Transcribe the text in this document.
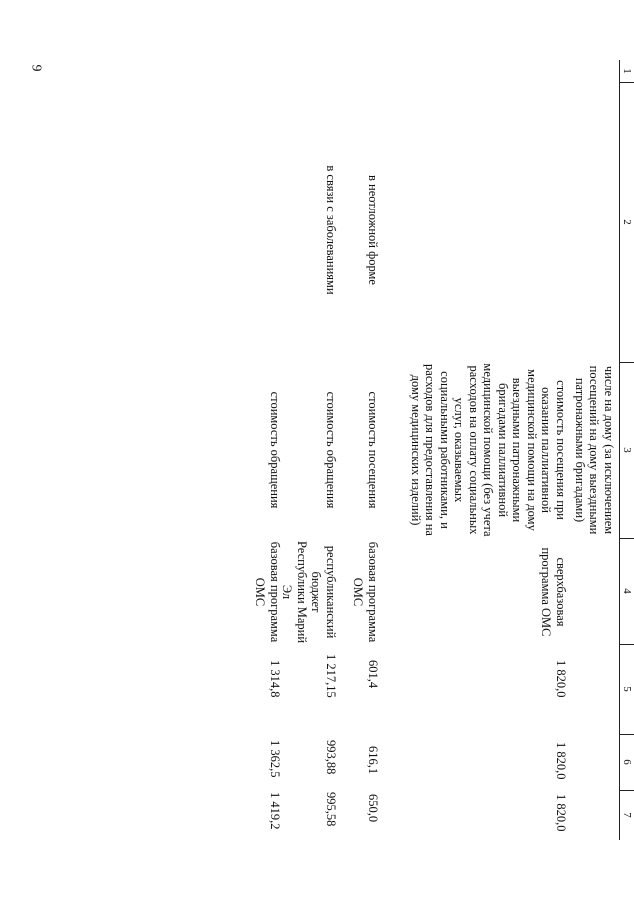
9	1
2
3
4
5
6
7
числе на дому (за исключением посещений на дому выездными патронажными бригадами)
стоимость посещения при оказании паллиативной медицинской помощи на дому выездными патронажными бригадами паллиативной медицинской помощи (без учета расходов на оплату социальных услуг, оказываемых социальными работниками, и расходов для предоставления на дому медицинских изделий)
сверхбазовая программа ОМС
1 820,0
1 820,0
1 820,0
в неотложной форме
стоимость посещения
базовая программа ОМС
601,4
616,1
650,0
в связи с заболеваниями
стоимость обращения
республиканский бюджет Республики Марий Эл
1 217,15
993,88
995,58
стоимость обращения
базовая программа ОМС
1 314,8
1 362,5
1 419,2
